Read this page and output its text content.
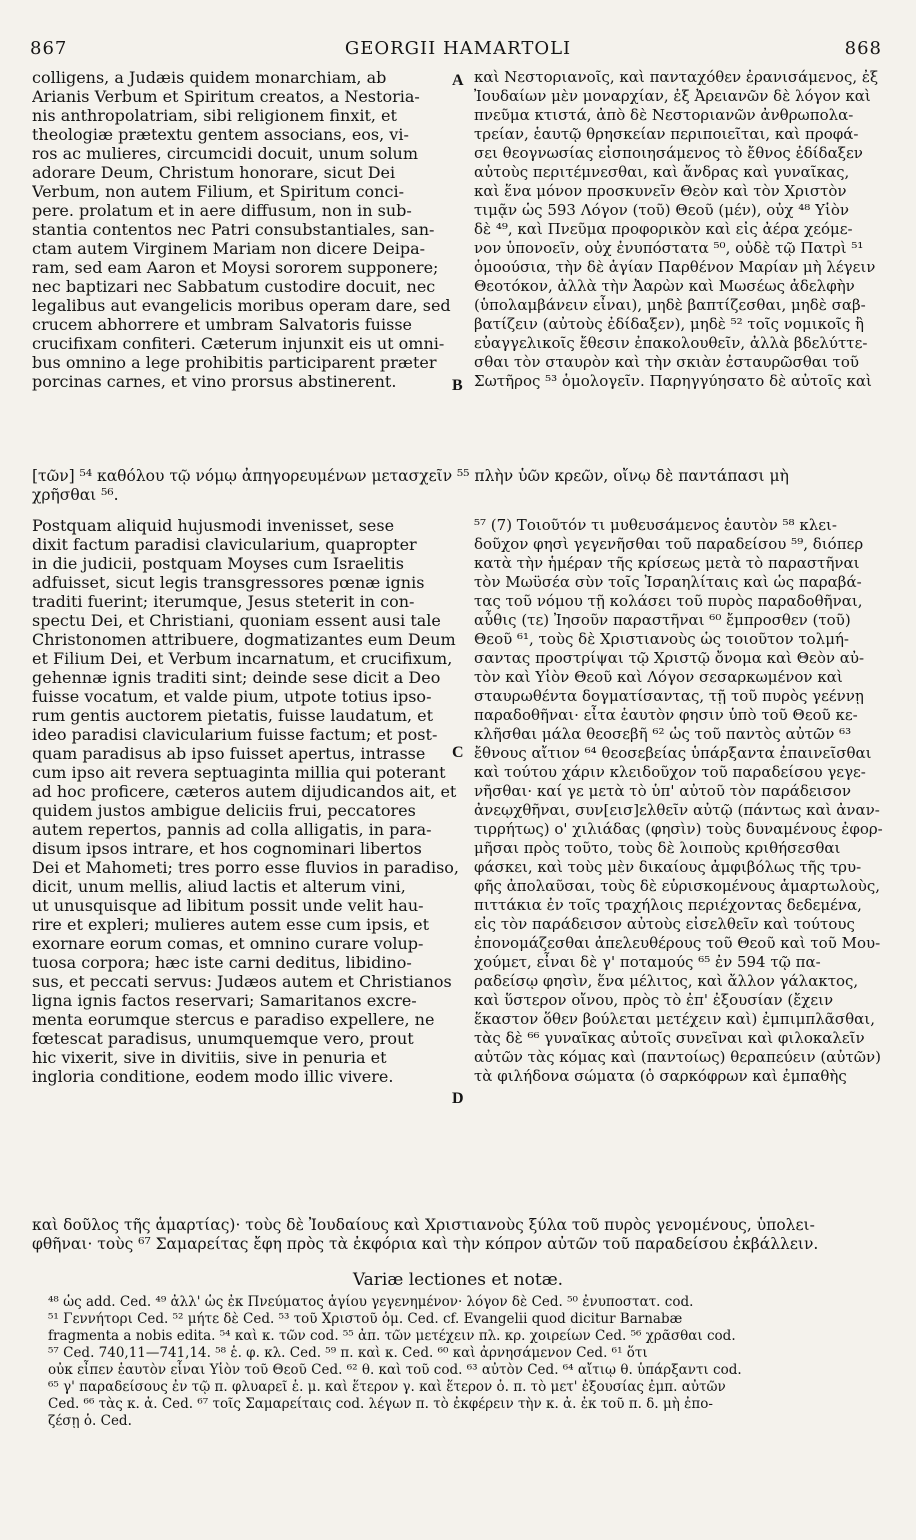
867	GEORGII HAMARTOLI	868
colligens, a Judæis quidem monarchiam, ab
Arianis Verbum et Spiritum creatos, a Nestoria-
nis anthropolatriam, sibi religionem finxit, et
theologiæ prætextu gentem associans, eos, vi-
ros ac mulieres, circumcidi docuit, unum solum
adorare Deum, Christum honorare, sicut Dei
Verbum, non autem Filium, et Spiritum conci-
pere. prolatum et in aere diffusum, non in sub-
stantia contentos nec Patri consubstantiales, san-
ctam autem Virginem Mariam non dicere Deipa-
ram, sed eam Aaron et Moysi sororem supponere;
nec baptizari nec Sabbatum custodire docuit, nec
legalibus aut evangelicis moribus operam dare, sed
crucem abhorrere et umbram Salvatoris fuisse
crucifixam confiteri. Cæterum injunxit eis ut omni-
bus omnino a lege prohibitis participarent præter
porcinas carnes, et vino prorsus abstinerent.
καὶ Νεστοριανοῖς, καὶ πανταχόθεν ἐρανισάμενος, ἐξ
Ἰουδαίων μὲν μοναρχίαν, ἐξ Ἀρειανῶν δὲ λόγον καὶ
πνεῦμα κτιστά, ἀπὸ δὲ Νεστοριανῶν ἀνθρωπολα-
τρείαν, ἑαυτῷ θρησκείαν περιποιεῖται, καὶ προφά-
σει θεογνωσίας εἰσποιησάμενος τὸ ἔθνος ἐδίδαξεν
αὐτοὺς περιτέμνεσθαι, καὶ ἄνδρας καὶ γυναῖκας,
καὶ ἕνα μόνον προσκυνεῖν Θεὸν καὶ τὸν Χριστὸν
τιμᾷν ὡς 593 Λόγον (τοῦ) Θεοῦ (μέν), οὐχ ⁴⁸ Υἱὸν
δὲ ⁴⁹, καὶ Πνεῦμα προφορικὸν καὶ εἰς ἀέρα χεόμε-
νον ὑπονοεῖν, οὐχ ἐνυπόστατα ⁵⁰, οὐδὲ τῷ Πατρὶ ⁵¹
ὁμοούσια, τὴν δὲ ἁγίαν Παρθένον Μαρίαν μὴ λέγειν
Θεοτόκον, ἀλλὰ τὴν Ἀαρὼν καὶ Μωσέως ἀδελφὴν
(ὑπολαμβάνειν εἶναι), μηδὲ βαπτίζεσθαι, μηδὲ σαβ-
βατίζειν (αὐτοὺς ἐδίδαξεν), μηδὲ ⁵² τοῖς νομικοῖς ἢ
εὐαγγελικοῖς ἔθεσιν ἐπακολουθεῖν, ἀλλὰ βδελύττε-
σθαι τὸν σταυρὸν καὶ τὴν σκιὰν ἐσταυρῶσθαι τοῦ
Σωτῆρος ⁵³ ὁμολογεῖν. Παρηγγύησατο δὲ αὐτοῖς καὶ
A
B
[τῶν] ⁵⁴ καθόλου τῷ νόμῳ ἀπηγορευμένων μετασχεῖν ⁵⁵ πλὴν ὑῶν κρεῶν, οἴνῳ δὲ παντάπασι μὴ
χρῆσθαι ⁵⁶.
Postquam aliquid hujusmodi invenisset, sese
dixit factum paradisi clavicularium, quapropter
in die judicii, postquam Moyses cum Israelitis
adfuisset, sicut legis transgressores pœnæ ignis
traditi fuerint; iterumque, Jesus steterit in con-
spectu Dei, et Christiani, quoniam essent ausi tale
Christonomen attribuere, dogmatizantes eum Deum
et Filium Dei, et Verbum incarnatum, et crucifixum,
gehennæ ignis traditi sint; deinde sese dicit a Deo
fuisse vocatum, et valde pium, utpote totius ipso-
rum gentis auctorem pietatis, fuisse laudatum, et
ideo paradisi clavicularium fuisse factum; et post-
quam paradisus ab ipso fuisset apertus, intrasse
cum ipso ait revera septuaginta millia qui poterant
ad hoc proficere, cæteros autem dijudicandos ait, et
quidem justos ambigue deliciis frui, peccatores
autem repertos, pannis ad colla alligatis, in para-
disum ipsos intrare, et hos cognominari libertos
Dei et Mahometi; tres porro esse fluvios in paradiso,
dicit, unum mellis, aliud lactis et alterum vini,
ut unusquisque ad libitum possit unde velit hau-
rire et expleri; mulieres autem esse cum ipsis, et
exornare eorum comas, et omnino curare volup-
tuosa corpora; hæc iste carni deditus, libidino-
sus, et peccati servus: Judæos autem et Christianos
ligna ignis factos reservari; Samaritanos excre-
menta eorumque stercus e paradiso expellere, ne
fœtescat paradisus, unumquemque vero, prout
hic vixerit, sive in divitiis, sive in penuria et
ingloria conditione, eodem modo illic vivere.
⁵⁷ (7) Τοιοῦτόν τι μυθευσάμενος ἑαυτὸν ⁵⁸ κλει-
δοῦχον φησὶ γεγενῆσθαι τοῦ παραδείσου ⁵⁹, διόπερ
κατὰ τὴν ἡμέραν τῆς κρίσεως μετὰ τὸ παραστῆναι
τὸν Μωϋσέα σὺν τοῖς Ἰσραηλίταις καὶ ὡς παραβά-
τας τοῦ νόμου τῇ κολάσει τοῦ πυρὸς παραδοθῆναι,
αὖθις (τε) Ἰησοῦν παραστῆναι ⁶⁰ ἔμπροσθεν (τοῦ)
Θεοῦ ⁶¹, τοὺς δὲ Χριστιανοὺς ὡς τοιοῦτον τολμή-
σαντας προστρίψαι τῷ Χριστῷ ὄνομα καὶ Θεὸν αὐ-
τὸν καὶ Υἱὸν Θεοῦ καὶ Λόγον σεσαρκωμένον καὶ
σταυρωθέντα δογματίσαντας, τῇ τοῦ πυρὸς γεέννῃ
παραδοθῆναι· εἶτα ἑαυτὸν φησιν ὑπὸ τοῦ Θεοῦ κε-
κλῆσθαι μάλα θεοσεβῆ ⁶² ὡς τοῦ παντὸς αὐτῶν ⁶³
ἔθνους αἴτιον ⁶⁴ θεοσεβείας ὑπάρξαντα ἐπαινεῖσθαι
καὶ τούτου χάριν κλειδοῦχον τοῦ παραδείσου γεγε-
νῆσθαι· καί γε μετὰ τὸ ὑπ' αὐτοῦ τὸν παράδεισον
ἀνεῳχθῆναι, συν[εισ]ελθεῖν αὐτῷ (πάντως καὶ ἀναν-
τιρρήτως) ο' χιλιάδας (φησὶν) τοὺς δυναμένους ἐφορ-
μῆσαι πρὸς τοῦτο, τοὺς δὲ λοιποὺς κριθήσεσθαι
φάσκει, καὶ τοὺς μὲν δικαίους ἀμφιβόλως τῆς τρυ-
φῆς ἀπολαῦσαι, τοὺς δὲ εὑρισκομένους ἁμαρτωλοὺς,
πιττάκια ἐν τοῖς τραχήλοις περιέχοντας δεδεμένα,
εἰς τὸν παράδεισον αὐτοὺς εἰσελθεῖν καὶ τούτους
ἐπονομάζεσθαι ἀπελευθέρους τοῦ Θεοῦ καὶ τοῦ Μου-
χούμετ, εἶναι δὲ γ' ποταμούς ⁶⁵ ἐν 594 τῷ πα-
ραδείσῳ φησὶν, ἕνα μέλιτος, καὶ ἄλλον γάλακτος,
καὶ ὕστερον οἴνου, πρὸς τὸ ἐπ' ἐξουσίαν (ἔχειν
ἕκαστον ὅθεν βούλεται μετέχειν καὶ) ἐμπιμπλᾶσθαι,
τὰς δὲ ⁶⁶ γυναῖκας αὐτοῖς συνεῖναι καὶ φιλοκαλεῖν
αὐτῶν τὰς κόμας καὶ (παντοίως) θεραπεύειν (αὐτῶν)
τὰ φιλήδονα σώματα (ὁ σαρκόφρων καὶ ἐμπαθὴς
C
D
καὶ δοῦλος τῆς ἁμαρτίας)· τοὺς δὲ Ἰουδαίους καὶ Χριστιανοὺς ξύλα τοῦ πυρὸς γενομένους, ὑπολει-
φθῆναι· τοὺς ⁶⁷ Σαμαρείτας ἔφη πρὸς τὰ ἐκφόρια καὶ τὴν κόπρον αὐτῶν τοῦ παραδείσου ἐκβάλλειν.
Variæ lectiones et notæ.
⁴⁸ ὡς add. Ced. ⁴⁹ ἀλλ' ὡς ἐκ Πνεύματος ἁγίου γεγενημένον· λόγον δὲ Ced. ⁵⁰ ἐνυποστατ. cod.
⁵¹ Γεννήτορι Ced. ⁵² μήτε δὲ Ced. ⁵³ τοῦ Χριστοῦ ὁμ. Ced. cf. Evangelii quod dicitur Barnabæ
fragmenta a nobis edita. ⁵⁴ καὶ κ. τῶν cod. ⁵⁵ ἀπ. τῶν μετέχειν πλ. κρ. χοιρείων Ced. ⁵⁶ χρᾶσθαι cod.
⁵⁷ Ced. 740,11—741,14. ⁵⁸ ἑ. φ. κλ. Ced. ⁵⁹ π. καὶ κ. Ced. ⁶⁰ καὶ ἀρνησάμενον Ced. ⁶¹ ὅτι
οὐκ εἶπεν ἑαυτὸν εἶναι Υἱὸν τοῦ Θεοῦ Ced. ⁶² θ. καὶ τοῦ cod. ⁶³ αὐτὸν Ced. ⁶⁴ αἴτιῳ θ. ὑπάρξαντι cod.
⁶⁵ γ' παραδείσους ἐν τῷ π. φλυαρεῖ ἑ. μ. καὶ ἕτερον γ. καὶ ἕτερον ὀ. π. τὸ μετ' ἐξουσίας ἐμπ. αὐτῶν
Ced. ⁶⁶ τὰς κ. ἀ. Ced. ⁶⁷ τοῖς Σαμαρείταις cod. λέγων π. τὸ ἐκφέρειν τὴν κ. ἀ. ἐκ τοῦ π. δ. μὴ ἐπο-
ζέσῃ ὁ. Ced.
